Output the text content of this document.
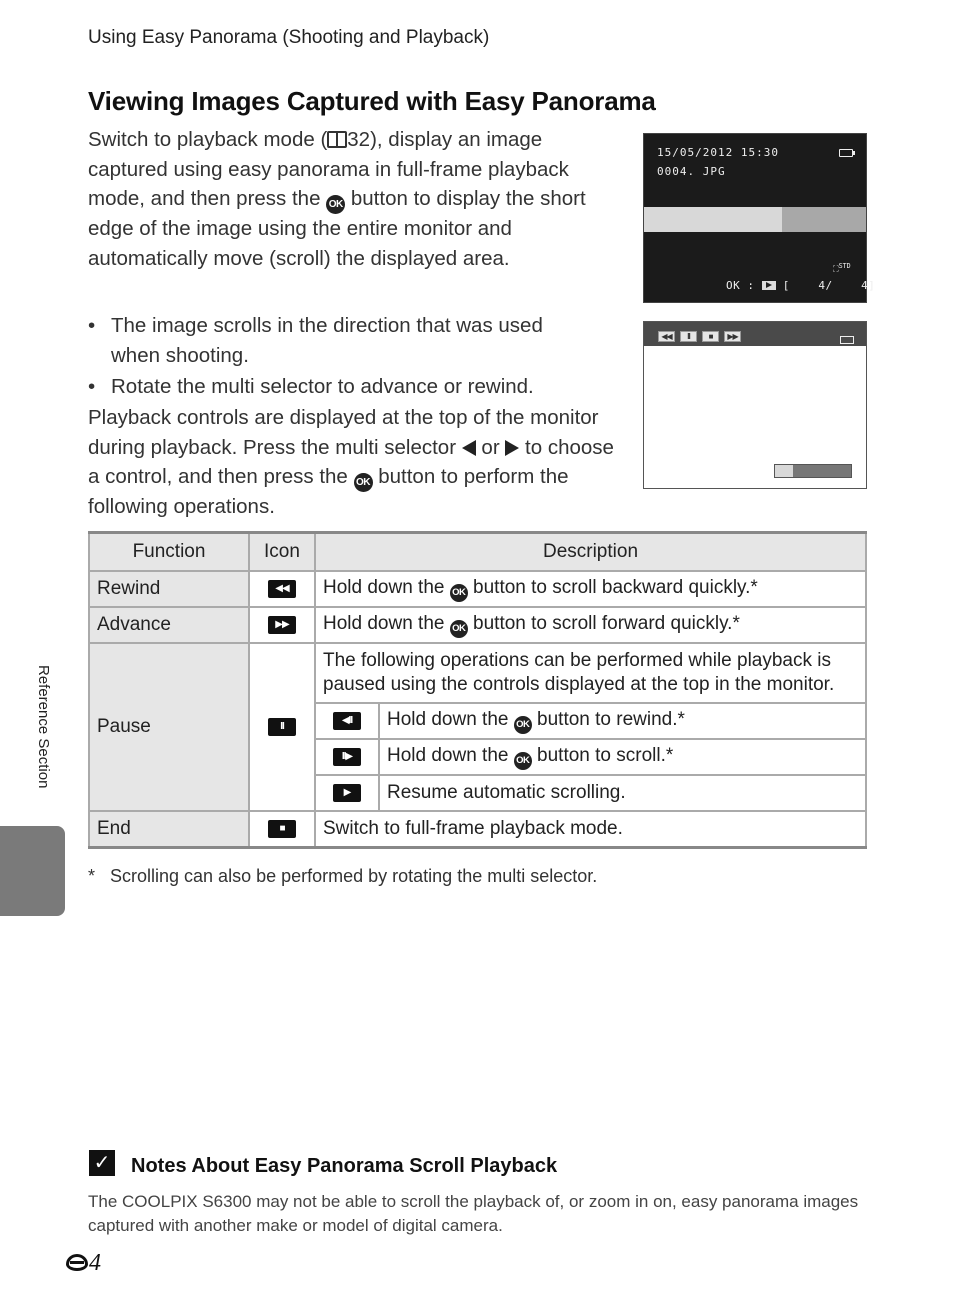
Using Easy Panorama (Shooting and Playback)
Viewing Images Captured with Easy Panorama
Switch to playback mode ( 32), display an image captured using easy panorama in full-frame playback mode, and then press the OK button to display the short edge of the image using the entire monitor and automatically move (scroll) the displayed area.
• The image scrolls in the direction that was used when shooting.
• Rotate the multi selector to advance or rewind.
Playback controls are displayed at the top of the monitor during playback. Press the multi selector  or  to choose a control, and then press the OK button to perform the following operations.
15/05/2012 15:30
0004. JPG
⛶$^{STD}$
OK :	[    4/    4]
◀◀	II	■	▶▶
Function	Icon	Description	
Rewind	◀◀	Hold down the OK button to scroll backward quickly.*	
Advance	▶▶	Hold down the OK button to scroll forward quickly.*	
Pause	II	The following operations can be performed while playback is paused using the controls displayed at the top in the monitor.	
		◀II	Hold down the OK button to rewind.*
		II▶	Hold down the OK button to scroll.*
		▶	Resume automatic scrolling.
End	■	Switch to full-frame playback mode.	
*   Scrolling can also be performed by rotating the multi selector.
Reference Section
✓ Notes About Easy Panorama Scroll Playback
The COOLPIX S6300 may not be able to scroll the playback of, or zoom in on, easy panorama images captured with another make or model of digital camera.
4
